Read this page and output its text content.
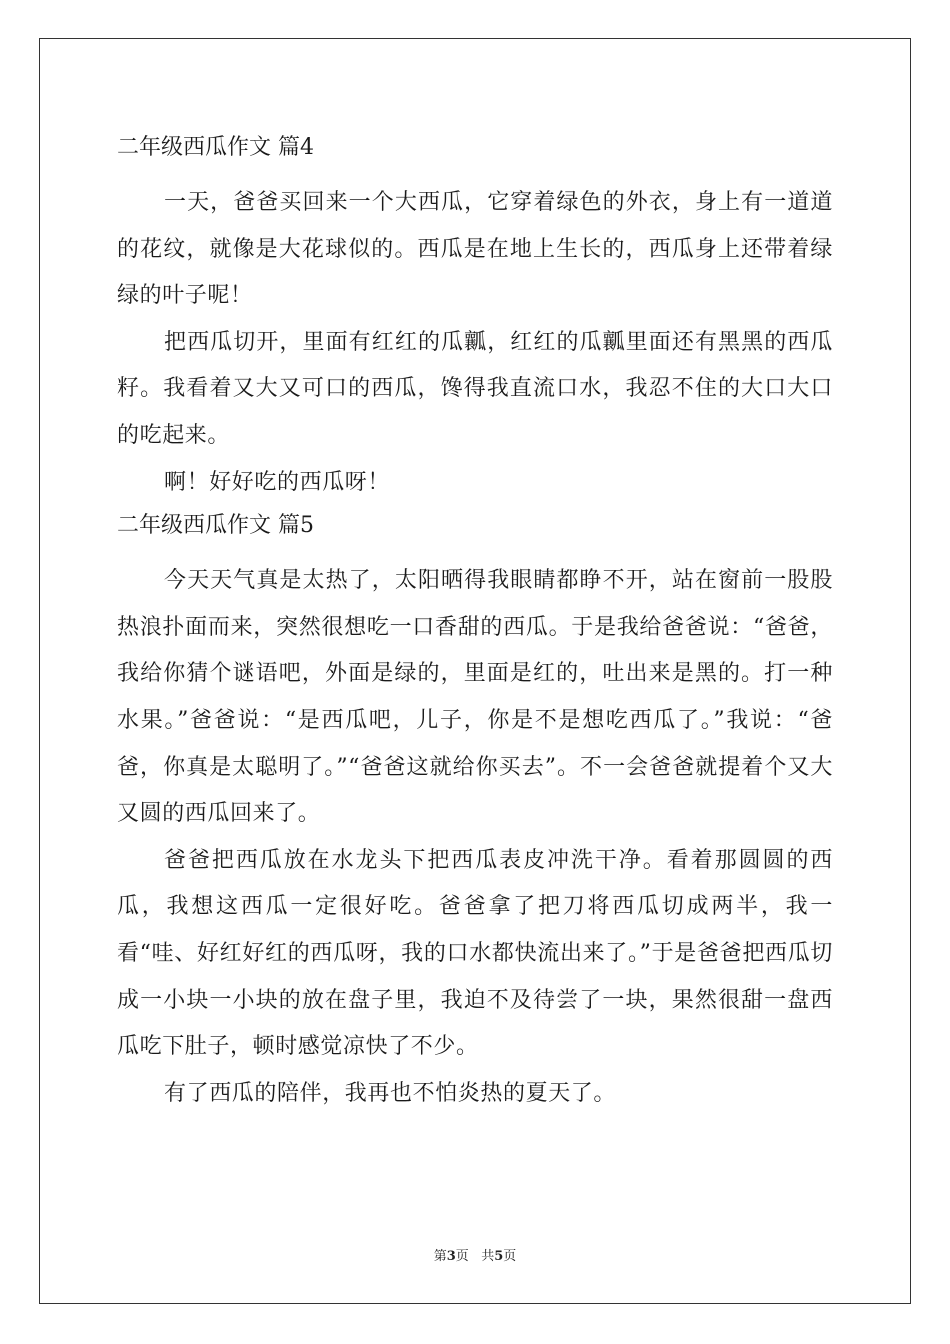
二年级西瓜作文 篇4

一天，爸爸买回来一个大西瓜，它穿着绿色的外衣，身上有一道道的花纹，就像是大花球似的。西瓜是在地上生长的，西瓜身上还带着绿绿的叶子呢！

把西瓜切开，里面有红红的瓜瓤，红红的瓜瓤里面还有黑黑的西瓜籽。我看着又大又可口的西瓜，馋得我直流口水，我忍不住的大口大口的吃起来。

啊！好好吃的西瓜呀！

二年级西瓜作文 篇5

今天天气真是太热了，太阳晒得我眼睛都睁不开，站在窗前一股股热浪扑面而来，突然很想吃一口香甜的西瓜。于是我给爸爸说：“爸爸，我给你猜个谜语吧，外面是绿的，里面是红的，吐出来是黑的。打一种水果。”爸爸说：“是西瓜吧，儿子，你是不是想吃西瓜了。”我说：“爸爸，你真是太聪明了。”“爸爸这就给你买去”。不一会爸爸就提着个又大又圆的西瓜回来了。

爸爸把西瓜放在水龙头下把西瓜表皮冲洗干净。看着那圆圆的西瓜，我想这西瓜一定很好吃。爸爸拿了把刀将西瓜切成两半，我一看“哇、好红好红的西瓜呀，我的口水都快流出来了。”于是爸爸把西瓜切成一小块一小块的放在盘子里，我迫不及待尝了一块，果然很甜一盘西瓜吃下肚子，顿时感觉凉快了不少。

有了西瓜的陪伴，我再也不怕炎热的夏天了。

第3页 共5页
